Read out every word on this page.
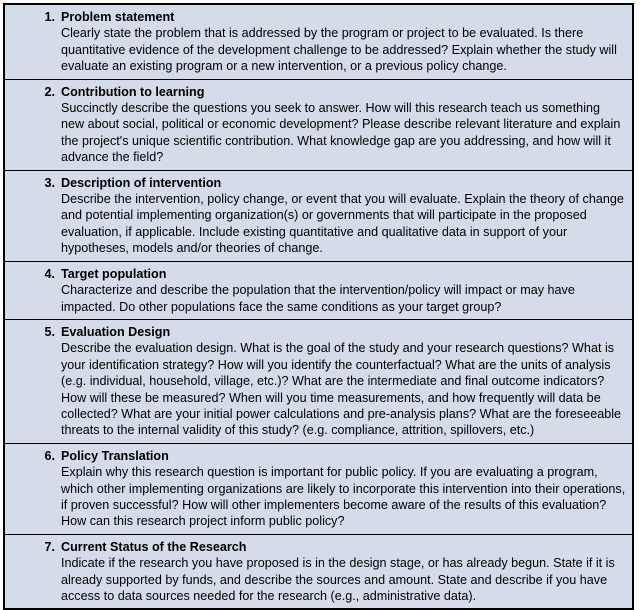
1.	Problem statement
Clearly state the problem that is addressed by the program or project to be evaluated. Is there quantitative evidence of the development challenge to be addressed? Explain whether the study will evaluate an existing program or a new intervention, or a previous policy change.

2.	Contribution to learning
Succinctly describe the questions you seek to answer. How will this research teach us something new about social, political or economic development? Please describe relevant literature and explain the project's unique scientific contribution. What knowledge gap are you addressing, and how will it advance the field?

3.	Description of intervention
Describe the intervention, policy change, or event that you will evaluate. Explain the theory of change and potential implementing organization(s) or governments that will participate in the proposed evaluation, if applicable. Include existing quantitative and qualitative data in support of your hypotheses, models and/or theories of change.

4.	Target population
Characterize and describe the population that the intervention/policy will impact or may have impacted. Do other populations face the same conditions as your target group?

5.	Evaluation Design
Describe the evaluation design. What is the goal of the study and your research questions? What is your identification strategy? How will you identify the counterfactual? What are the units of analysis (e.g. individual, household, village, etc.)? What are the intermediate and final outcome indicators? How will these be measured? When will you time measurements, and how frequently will data be collected? What are your initial power calculations and pre-analysis plans? What are the foreseeable threats to the internal validity of this study? (e.g. compliance, attrition, spillovers, etc.)

6.	Policy Translation
Explain why this research question is important for public policy. If you are evaluating a program, which other implementing organizations are likely to incorporate this intervention into their operations, if proven successful? How will other implementers become aware of the results of this evaluation? How can this research project inform public policy?

7.	Current Status of the Research
Indicate if the research you have proposed is in the design stage, or has already begun. State if it is already supported by funds, and describe the sources and amount. State and describe if you have access to data sources needed for the research (e.g., administrative data).
